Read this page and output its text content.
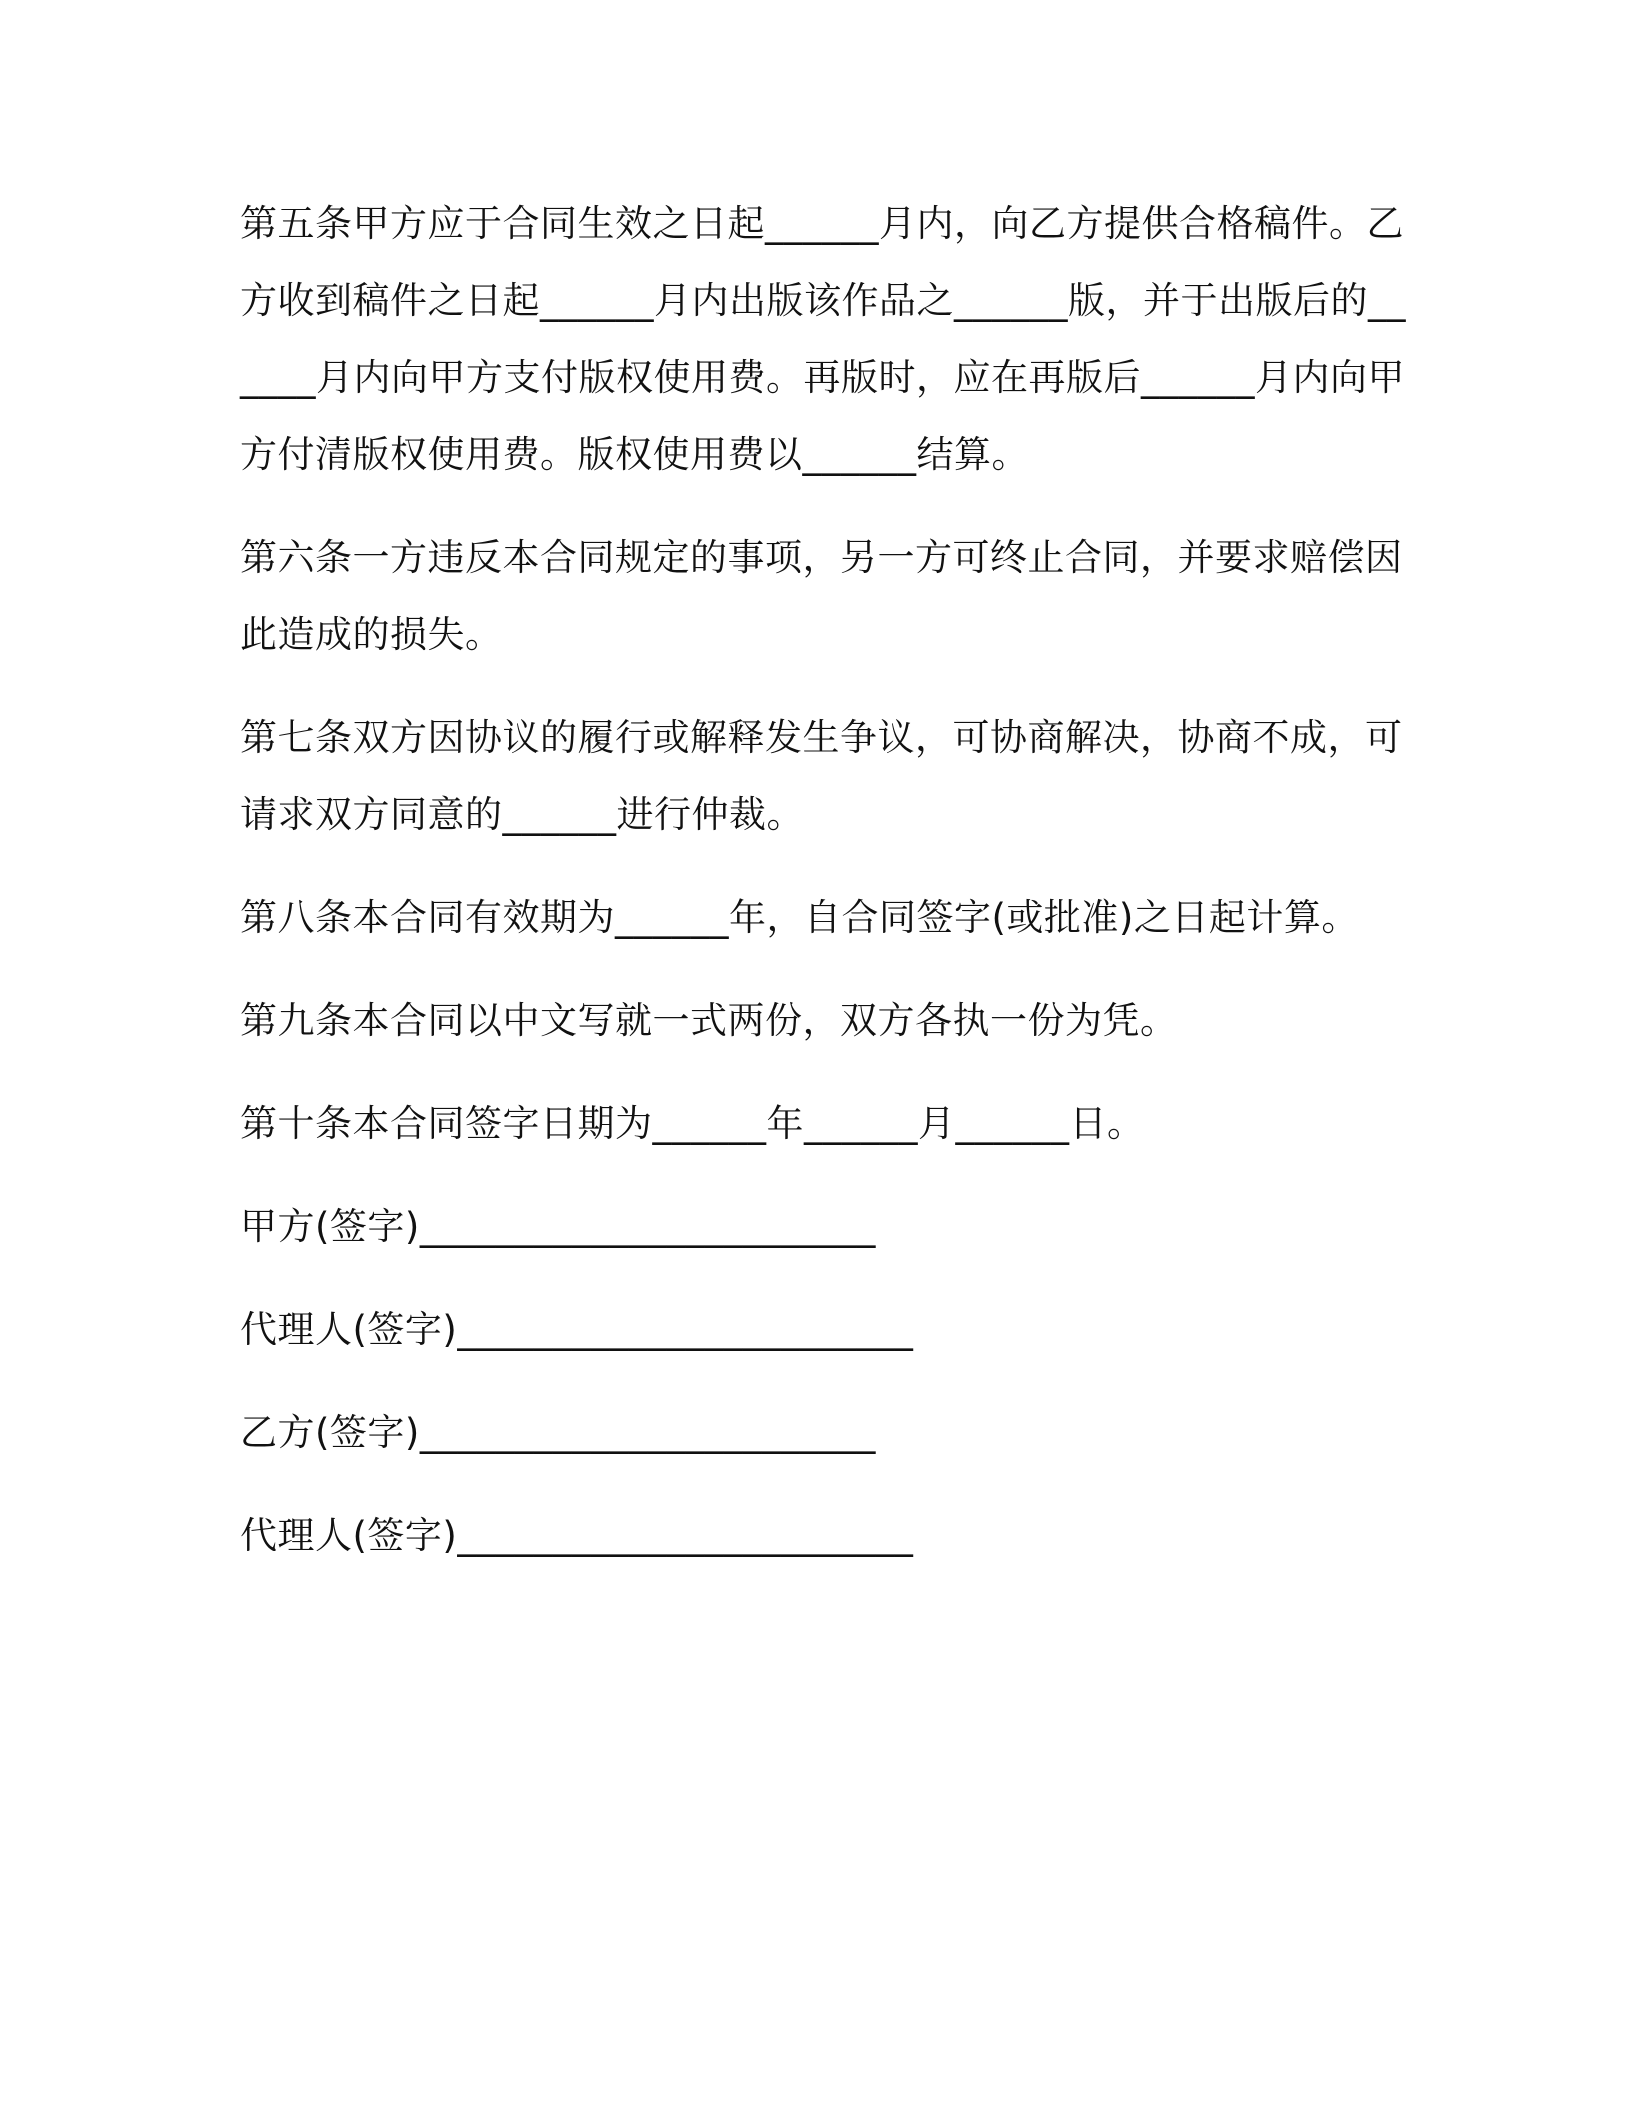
第五条甲方应于合同生效之日起______月内，向乙方提供合格稿件。乙方收到稿件之日起______月内出版该作品之______版，并于出版后的______月内向甲方支付版权使用费。再版时，应在再版后______月内向甲方付清版权使用费。版权使用费以______结算。

第六条一方违反本合同规定的事项，另一方可终止合同，并要求赔偿因此造成的损失。

第七条双方因协议的履行或解释发生争议，可协商解决，协商不成，可请求双方同意的______进行仲裁。

第八条本合同有效期为______年，自合同签字(或批准)之日起计算。

第九条本合同以中文写就一式两份，双方各执一份为凭。

第十条本合同签字日期为______年______月______日。

甲方(签字)________________________

代理人(签字)________________________

乙方(签字)________________________

代理人(签字)________________________
